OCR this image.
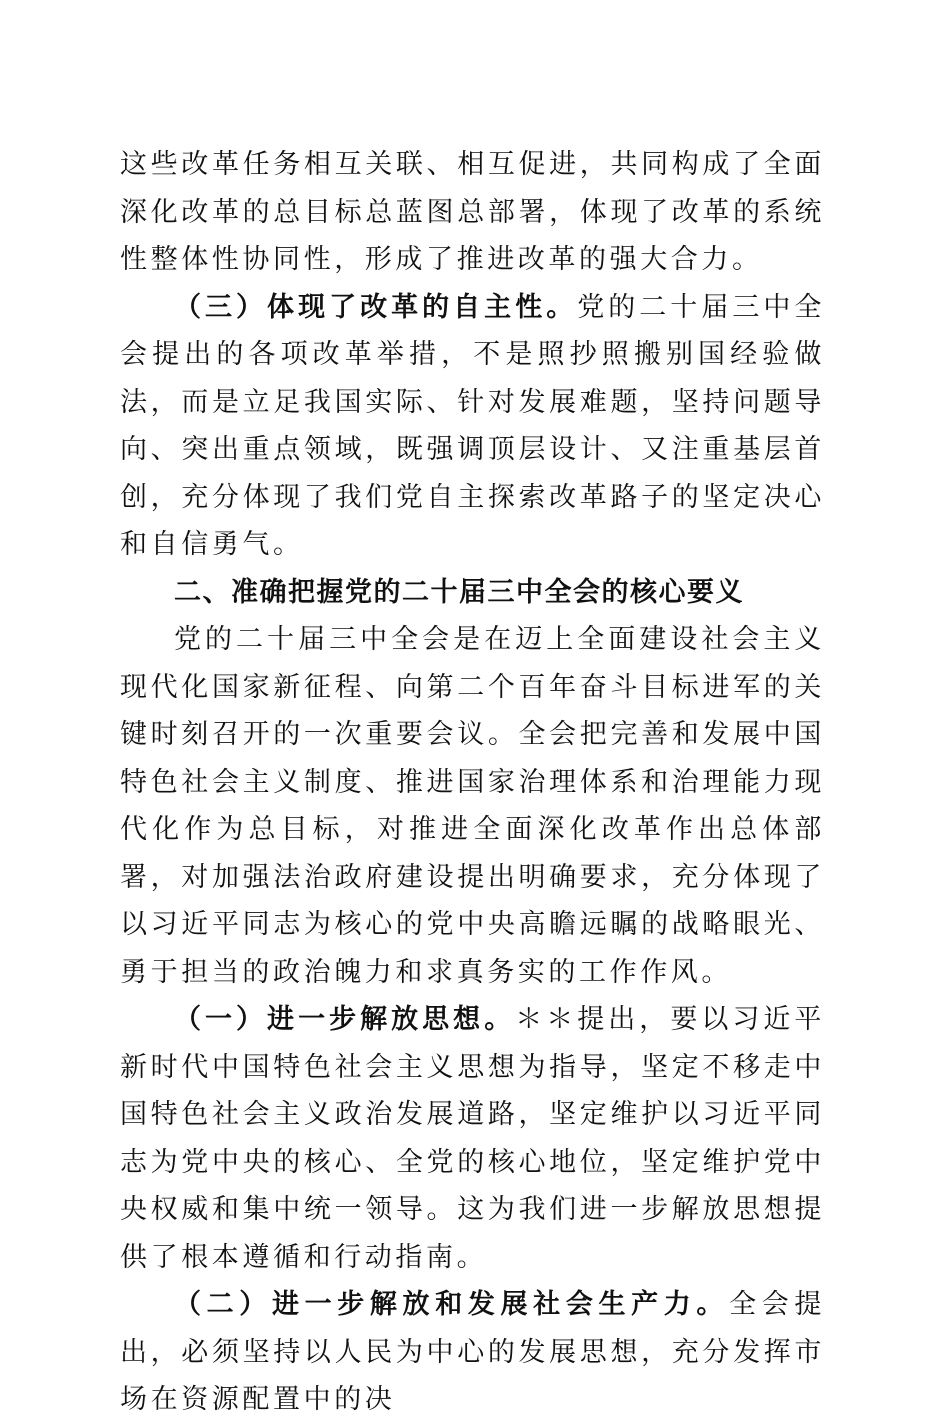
这些改革任务相互关联、相互促进，共同构成了全面深化改革的总目标总蓝图总部署，体现了改革的系统性整体性协同性，形成了推进改革的强大合力。

（三）体现了改革的自主性。党的二十届三中全会提出的各项改革举措，不是照抄照搬别国经验做法，而是立足我国实际、针对发展难题，坚持问题导向、突出重点领域，既强调顶层设计、又注重基层首创，充分体现了我们党自主探索改革路子的坚定决心和自信勇气。

二、准确把握党的二十届三中全会的核心要义

党的二十届三中全会是在迈上全面建设社会主义现代化国家新征程、向第二个百年奋斗目标进军的关键时刻召开的一次重要会议。全会把完善和发展中国特色社会主义制度、推进国家治理体系和治理能力现代化作为总目标，对推进全面深化改革作出总体部署，对加强法治政府建设提出明确要求，充分体现了以习近平同志为核心的党中央高瞻远瞩的战略眼光、勇于担当的政治魄力和求真务实的工作作风。

（一）进一步解放思想。＊＊提出，要以习近平新时代中国特色社会主义思想为指导，坚定不移走中国特色社会主义政治发展道路，坚定维护以习近平同志为党中央的核心、全党的核心地位，坚定维护党中央权威和集中统一领导。这为我们进一步解放思想提供了根本遵循和行动指南。

（二）进一步解放和发展社会生产力。全会提出，必须坚持以人民为中心的发展思想，充分发挥市场在资源配置中的决
